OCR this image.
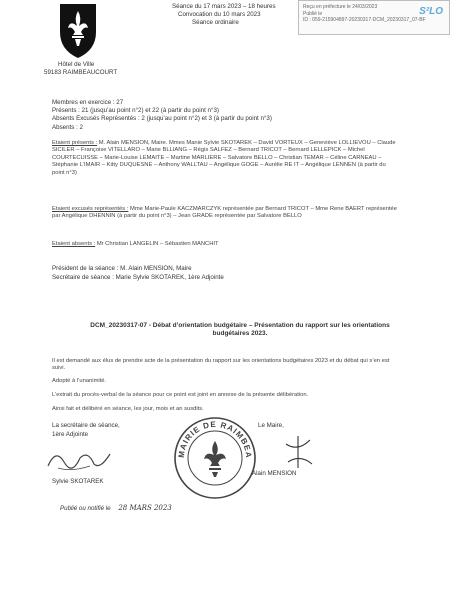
Hôtel de Ville
59183 RAIMBEAUCOURT
Séance du 17 mars 2023 – 18 heures
Convocation du 10 mars 2023
Séance ordinaire
Reçu en préfecture le 24/03/2023
Publié le
ID : 059-215904897-20230317-DCM_20230317_07-BF
S²LO
Membres en exercice : 27
Présents : 21 (jusqu’au point n°2) et 22 (à partir du point n°3)
Absents Excusés Représentés : 2 (jusqu’au point n°2) et 3 (à partir du point n°3)
Absents : 2
Etaient présents : M. Alain MENSION, Maire. Mmes Manie Sylvie SKOTAREK – David VORTEUX – Geneviève LOLLIEVOU – Claude SICILER – Françoise VITELLARO – Marie BLLIANG – Régis SALFEZ – Bernard TRICOT – Bernard LELLEPICK – Michel COURTECUISSE – Marie-Louise LEMAITE – Martine MARLIERE – Salvatore BELLO – Christian TEMAR – Céline CARNEAU – Stéphanie L'IMAIR – Kitty DUQUESNE – Anthony WALLTAU – Angélique GOGE – Aurélie RE IT – Angélique LENNEN (à partir du point n°3)
Etaient excusés représentés : Mme Marie-Paule KACZMARCZYK représentée par Bernard TRICOT – Mme Rene BAERT représentée par Angélique DHENNIN (à partir du point n°3) – Jean GRADE représentée par Salvatore BELLO
Etaient absents : Mr Christian LANGELIN – Sébastien MANCHIT
Président de la séance : M. Alain MENSION, Maire
Secrétaire de séance : Marie Sylvie SKOTAREK, 1ère Adjointe
DCM_20230317-07 - Débat d’orientation budgétaire – Présentation du rapport sur les orientations
budgétaires 2023.
Il est demandé aux élus de prendre acte de la présentation du rapport sur les orientations budgétaires 2023 et du débat qui s’en est suivi.
Adopté à l’unanimité.
L’extrait du procès-verbal de la séance pour ce point est joint en annexe de la présente délibération.
Ainsi fait et délibéré en séance, les jour, mois et an susdits.
La secrétaire de séance,
1ère Adjointe
Sylvie SKOTAREK
Le Maire,
Alain MENSION
MAIRIE DE RAIMBEA
Publié ou notifié le 28 MARS 2023
